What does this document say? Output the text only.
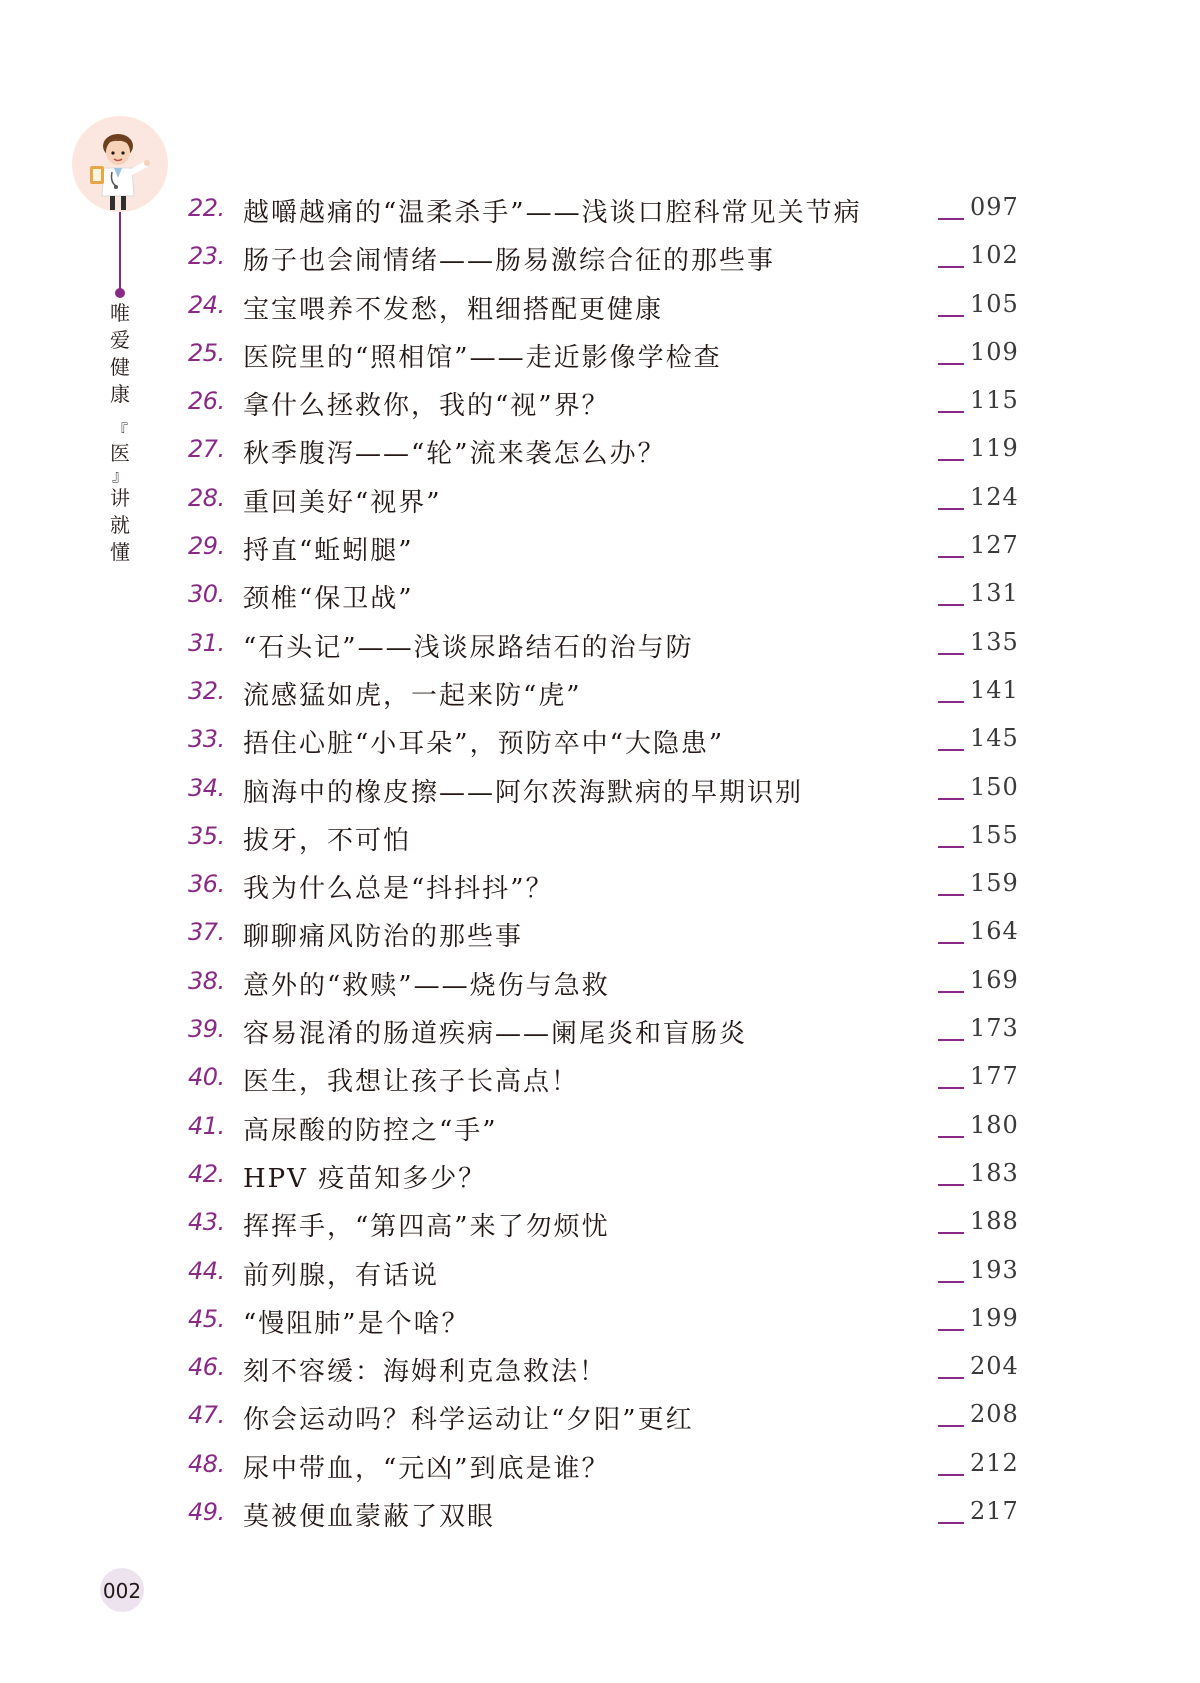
唯
爱
健
康
『
医
』
讲
就
懂
22. 越嚼越痛的“温柔杀手”——浅谈口腔科常见关节病	097
23. 肠子也会闹情绪——肠易激综合征的那些事	102
24. 宝宝喂养不发愁，粗细搭配更健康	105
25. 医院里的“照相馆”——走近影像学检查	109
26. 拿什么拯救你，我的“视”界？	115
27. 秋季腹泻——“轮”流来袭怎么办？	119
28. 重回美好“视界”	124
29. 捋直“蚯蚓腿”	127
30. 颈椎“保卫战”	131
31. “石头记”——浅谈尿路结石的治与防	135
32. 流感猛如虎，一起来防“虎”	141
33. 捂住心脏“小耳朵”，预防卒中“大隐患”	145
34. 脑海中的橡皮擦——阿尔茨海默病的早期识别	150
35. 拔牙，不可怕	155
36. 我为什么总是“抖抖抖”？	159
37. 聊聊痛风防治的那些事	164
38. 意外的“救赎”——烧伤与急救	169
39. 容易混淆的肠道疾病——阑尾炎和盲肠炎	173
40. 医生，我想让孩子长高点！	177
41. 高尿酸的防控之“手”	180
42. HPV 疫苗知多少？	183
43. 挥挥手，“第四高”来了勿烦忧	188
44. 前列腺，有话说	193
45. “慢阻肺”是个啥？	199
46. 刻不容缓：海姆利克急救法！	204
47. 你会运动吗？科学运动让“夕阳”更红	208
48. 尿中带血，“元凶”到底是谁？	212
49. 莫被便血蒙蔽了双眼	217
002
